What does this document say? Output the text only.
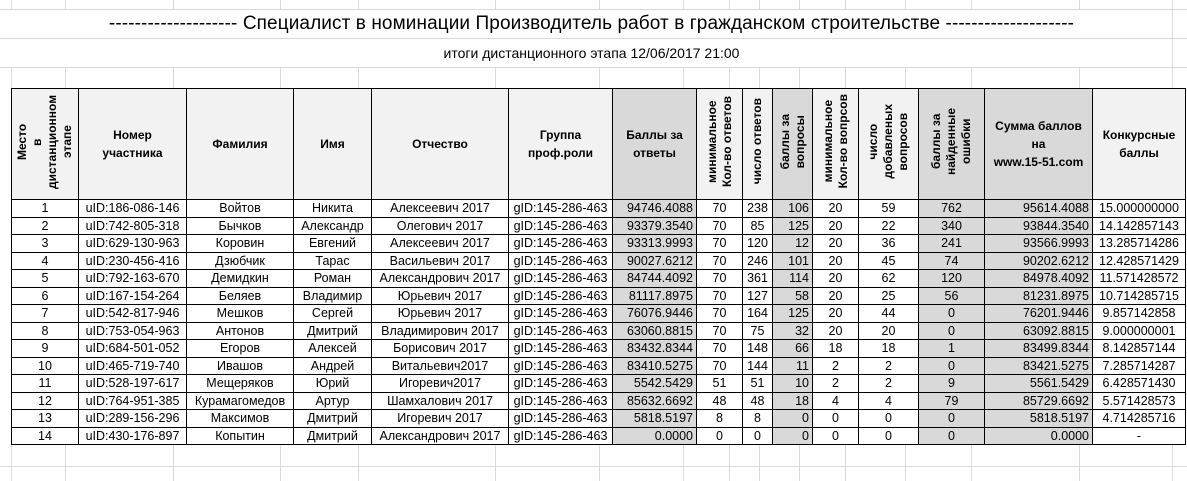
-------------------- Специалист в номинации Производитель работ в гражданском строительстве --------------------
итоги дистанционного этапа 12/06/2017 21:00
Место
в дистанционном
этапе	Номер участника	Фамилия	Имя	Отчество	Группа проф.роли	Баллы за ответы	минимальное
Кол-во ответов	число ответов	баллы за
вопросы	минимальное
Кол-во вопрсов	число
добавленых
вопросов	баллы за
найденные
ошибки	Сумма баллов
на
www.15-51.com	Конкурсные баллы
1	uID:186-086-146	Войтов	Никита	Алексеевич 2017	gID:145-286-463	94746.4088	70	238	106	20	59	762	95614.4088	15.000000000
2	uID:742-805-318	Бычков	Александр	Олегович 2017	gID:145-286-463	93379.3540	70	85	125	20	22	340	93844.3540	14.142857143
3	uID:629-130-963	Коровин	Евгений	Алексеевич 2017	gID:145-286-463	93313.9993	70	120	12	20	36	241	93566.9993	13.285714286
4	uID:230-456-416	Дзюбчик	Тарас	Васильевич 2017	gID:145-286-463	90027.6212	70	246	101	20	45	74	90202.6212	12.428571429
5	uID:792-163-670	Демидкин	Роман	Александрович 2017	gID:145-286-463	84744.4092	70	361	114	20	62	120	84978.4092	11.571428572
6	uID:167-154-264	Беляев	Владимир	Юрьевич 2017	gID:145-286-463	81117.8975	70	127	58	20	25	56	81231.8975	10.714285715
7	uID:542-817-946	Мешков	Сергей	Юрьевич 2017	gID:145-286-463	76076.9446	70	164	125	20	44	0	76201.9446	9.857142858
8	uID:753-054-963	Антонов	Дмитрий	Владимирович 2017	gID:145-286-463	63060.8815	70	75	32	20	20	0	63092.8815	9.000000001
9	uID:684-501-052	Егоров	Алексей	Борисович 2017	gID:145-286-463	83432.8344	70	148	66	18	18	1	83499.8344	8.142857144
10	uID:465-719-740	Ивашов	Андрей	Витальевич2017	gID:145-286-463	83410.5275	70	144	11	2	2	0	83421.5275	7.285714287
11	uID:528-197-617	Мещеряков	Юрий	Игоревич2017	gID:145-286-463	5542.5429	51	51	10	2	2	9	5561.5429	6.428571430
12	uID:764-951-385	Курамагомедов	Артур	Шамхалович 2017	gID:145-286-463	85632.6692	48	48	18	4	4	79	85729.6692	5.571428573
13	uID:289-156-296	Максимов	Дмитрий	Игоревич 2017	gID:145-286-463	5818.5197	8	8	0	0	0	0	5818.5197	4.714285716
14	uID:430-176-897	Копытин	Дмитрий	Александрович 2017	gID:145-286-463	0.0000	0	0	0	0	0	0	0.0000	-
